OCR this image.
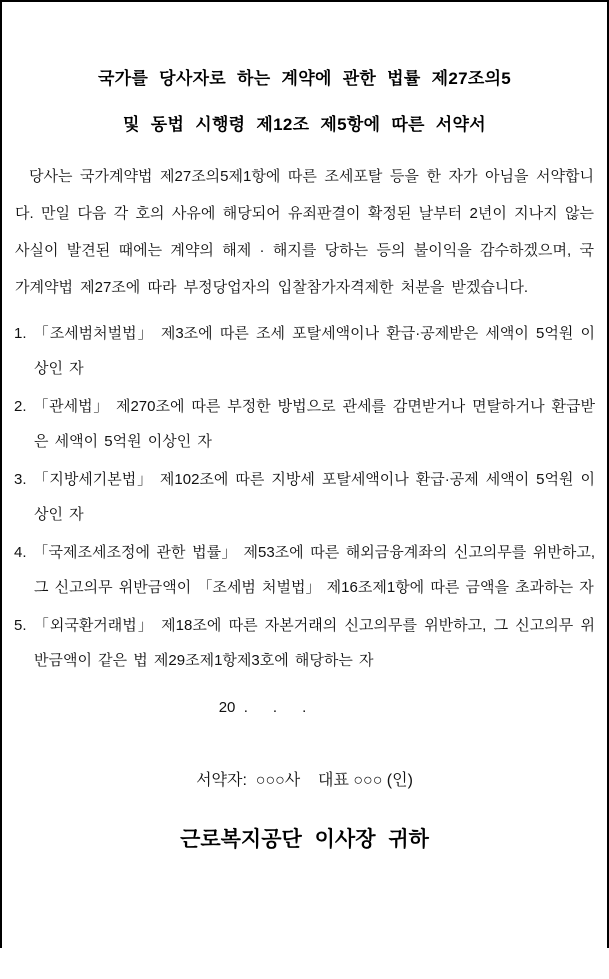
국가를 당사자로 하는 계약에 관한 법률 제27조의5
및 동법 시행령 제12조 제5항에 따른 서약서

당사는 국가계약법 제27조의5제1항에 따른 조세포탈 등을 한 자가 아님을 서약합니다. 만일 다음 각 호의 사유에 해당되어 유죄판결이 확정된 날부터 2년이 지나지 않는 사실이 발견된 때에는 계약의 해제 · 해지를 당하는 등의 불이익을 감수하겠으며, 국가계약법 제27조에 따라 부정당업자의 입찰참가자격제한 처분을 받겠습니다.

1. 「조세범처벌법」 제3조에 따른 조세 포탈세액이나 환급·공제받은 세액이 5억원 이상인 자

2. 「관세법」 제270조에 따른 부정한 방법으로 관세를 감면받거나 면탈하거나 환급받은 세액이 5억원 이상인 자

3. 「지방세기본법」 제102조에 따른 지방세 포탈세액이나 환급·공제 세액이 5억원 이상인 자

4. 「국제조세조정에 관한 법률」 제53조에 따른 해외금융계좌의 신고의무를 위반하고, 그 신고의무 위반금액이 「조세범 처벌법」 제16조제1항에 따른 금액을 초과하는 자

5. 「외국환거래법」 제18조에 따른 자본거래의 신고의무를 위반하고, 그 신고의무 위반금액이 같은 법 제29조제1항제3호에 해당하는 자

20  .      .      .

서약자:  ○○○사    대표 ○○○ (인)

근로복지공단 이사장 귀하
